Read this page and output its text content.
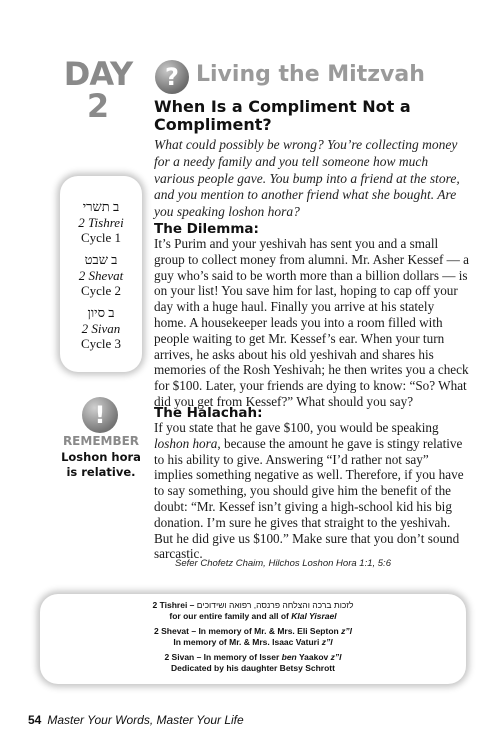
DAY
2
? Living the Mitzvah
When Is a Compliment Not a Compliment?
What could possibly be wrong? You’re collecting money for a needy family and you tell someone how much various people gave. You bump into a friend at the store, and you mention to another friend what she bought. Are you speaking loshon hora?
The Dilemma:
It’s Purim and your yeshivah has sent you and a small group to collect money from alumni. Mr. Asher Kessef — a guy who’s said to be worth more than a billion dollars — is on your list! You save him for last, hoping to cap off your day with a huge haul. Finally you arrive at his stately home. A housekeeper leads you into a room filled with people waiting to get Mr. Kessef’s ear. When your turn arrives, he asks about his old yeshivah and shares his memories of the Rosh Yeshivah; he then writes you a check for $100. Later, your friends are dying to know: “So? What did you get from Kessef?” What should you say?
The Halachah:
If you state that he gave $100, you would be speaking loshon hora, because the amount he gave is stingy relative to his ability to give. Answering “I’d rather not say” implies something negative as well. Therefore, if you have to say something, you should give him the benefit of the doubt: “Mr. Kessef isn’t giving a high-school kid his big donation. I’m sure he gives that straight to the yeshivah. But he did give us $100.” Make sure that you don’t sound sarcastic.
Sefer Chofetz Chaim, Hilchos Loshon Hora 1:1, 5:6
ב תשרי
2 Tishrei
Cycle 1
ב שבט
2 Shevat
Cycle 2
ב סיון
2 Sivan
Cycle 3
!
REMEMBER
Loshon hora is relative.
2 Tishrei – לזכות ברכה והצלחה פרנסה, רפואה ושידוכים
for our entire family and all of Klal Yisrael
2 Shevat – In memory of Mr. & Mrs. Eli Septon z”l
In memory of Mr. & Mrs. Isaac Vaturi z”l
2 Sivan – In memory of Isser ben Yaakov z”l
Dedicated by his daughter Betsy Schrott
54 Master Your Words, Master Your Life
